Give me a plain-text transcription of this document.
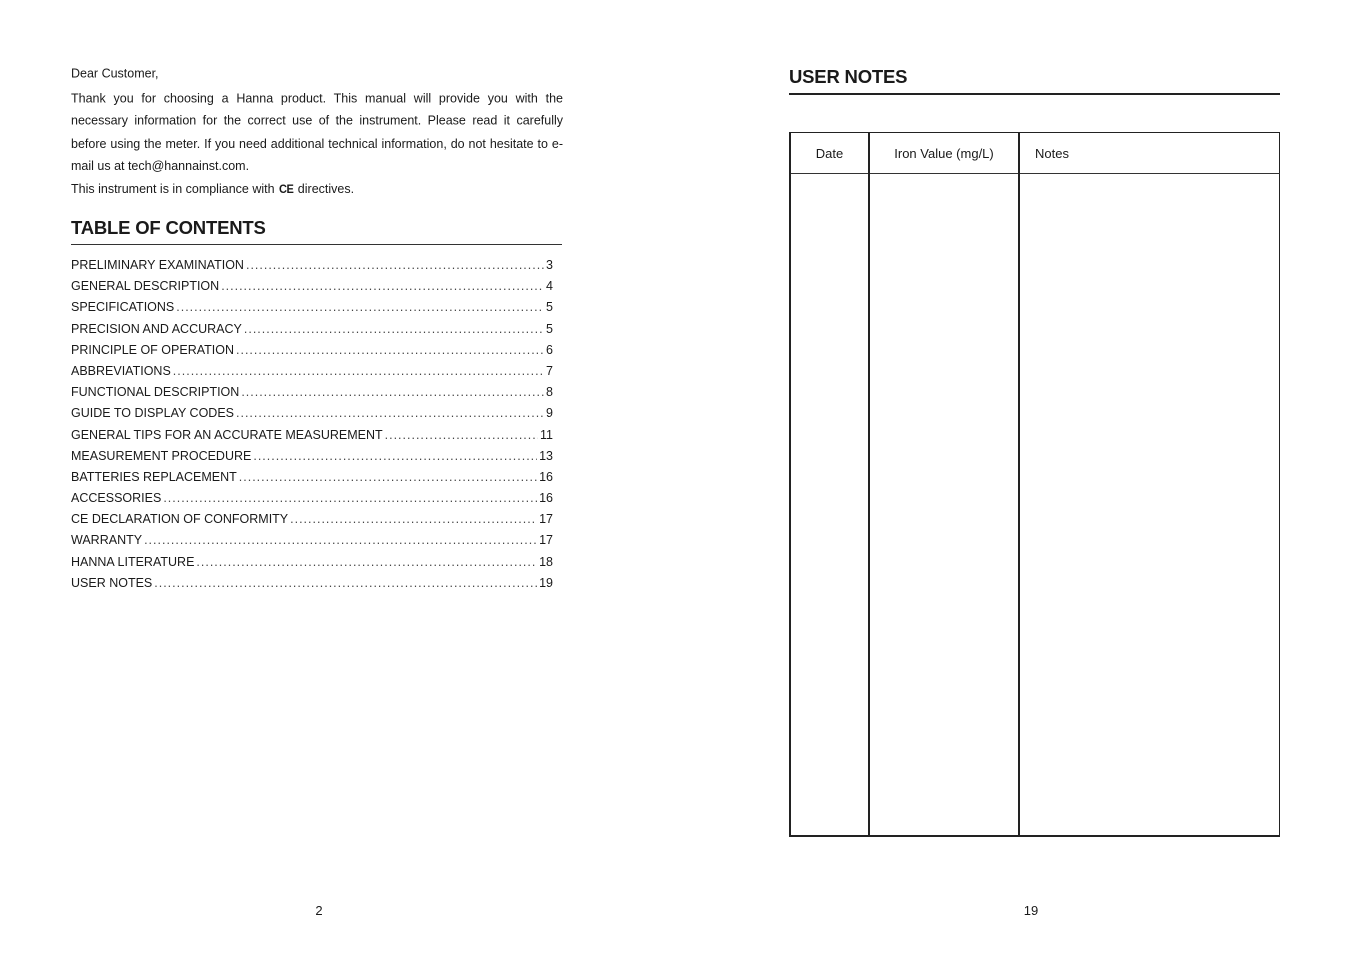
Dear Customer,

Thank you for choosing a Hanna product. This manual will provide you with the necessary information for the correct use of the instrument. Please read it carefully before using the meter. If you need additional technical information, do not hesitate to e-mail us at tech@hannainst.com.

This instrument is in compliance with CE directives.

TABLE OF CONTENTS
PRELIMINARY EXAMINATION .....	3
GENERAL DESCRIPTION .....	4
SPECIFICATIONS .....	5
PRECISION AND ACCURACY .....	5
PRINCIPLE OF OPERATION .....	6
ABBREVIATIONS .....	7
FUNCTIONAL DESCRIPTION .....	8
GUIDE TO DISPLAY CODES .....	9
GENERAL TIPS FOR AN ACCURATE MEASUREMENT .....	11
MEASUREMENT PROCEDURE .....	13
BATTERIES REPLACEMENT .....	16
ACCESSORIES .....	16
CE DECLARATION OF CONFORMITY .....	17
WARRANTY .....	17
HANNA LITERATURE .....	18
USER NOTES .....	19
2
USER NOTES
Date	Iron Value (mg/L)	Notes

19
